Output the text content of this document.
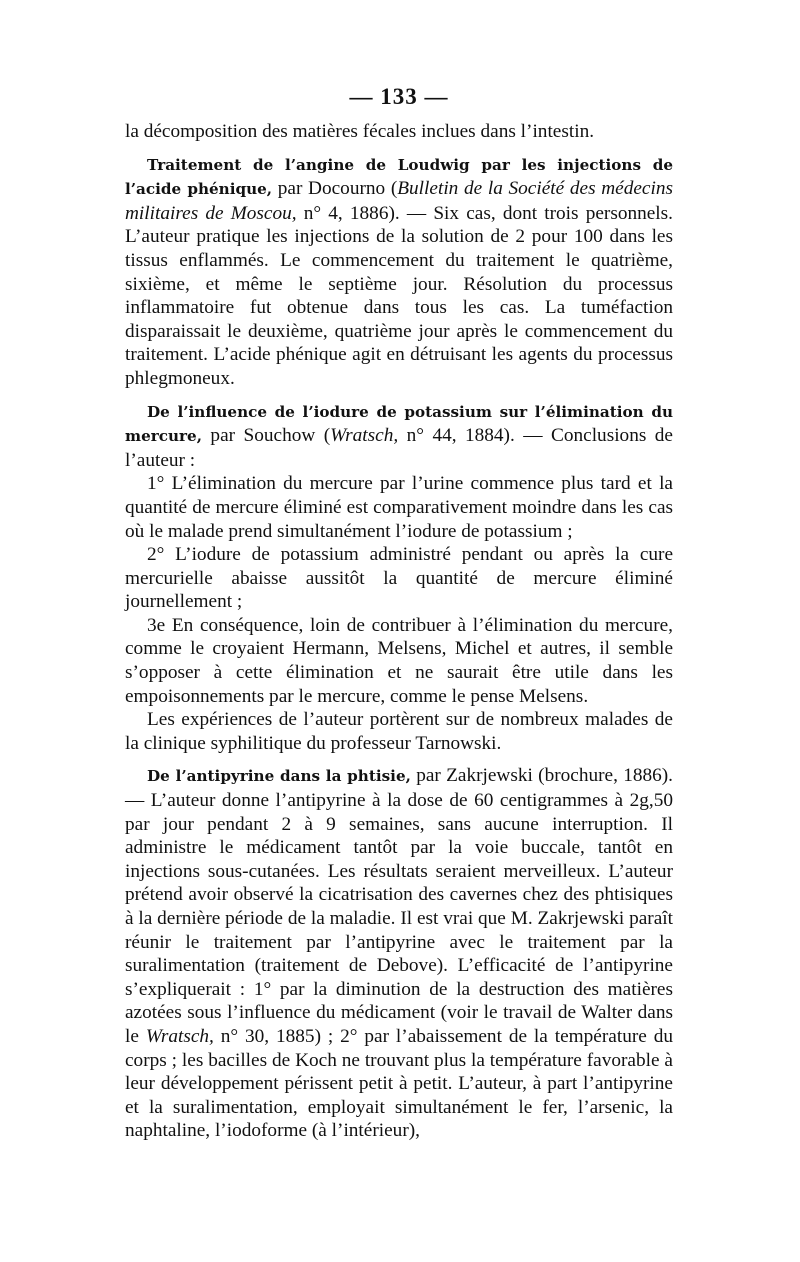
— 133 —

la décomposition des matières fécales inclues dans l’intestin.

Traitement de l’angine de Loudwig par les injections de l’acide phénique, par Docourno (Bulletin de la Société des médecins militaires de Moscou, n° 4, 1886). — Six cas, dont trois personnels. L’auteur pratique les injections de la solution de 2 pour 100 dans les tissus enflammés. Le commencement du traitement le quatrième, sixième, et même le septième jour. Résolution du processus inflammatoire fut obtenue dans tous les cas. La tuméfaction disparaissait le deuxième, quatrième jour après le commencement du traitement. L’acide phénique agit en détruisant les agents du processus phlegmoneux.

De l’influence de l’iodure de potassium sur l’élimination du mercure, par Souchow (Wratsch, n° 44, 1884). — Conclusions de l’auteur :

1° L’élimination du mercure par l’urine commence plus tard et la quantité de mercure éliminé est comparativement moindre dans les cas où le malade prend simultanément l’iodure de potassium ;

2° L’iodure de potassium administré pendant ou après la cure mercurielle abaisse aussitôt la quantité de mercure éliminé journellement ;

3e En conséquence, loin de contribuer à l’élimination du mercure, comme le croyaient Hermann, Melsens, Michel et autres, il semble s’opposer à cette élimination et ne saurait être utile dans les empoisonnements par le mercure, comme le pense Melsens.

Les expériences de l’auteur portèrent sur de nombreux malades de la clinique syphilitique du professeur Tarnowski.

De l’antipyrine dans la phtisie, par Zakrjewski (brochure, 1886). — L’auteur donne l’antipyrine à la dose de 60 centigrammes à 2g,50 par jour pendant 2 à 9 semaines, sans aucune interruption. Il administre le médicament tantôt par la voie buccale, tantôt en injections sous-cutanées. Les résultats seraient merveilleux. L’auteur prétend avoir observé la cicatrisation des cavernes chez des phtisiques à la dernière période de la maladie. Il est vrai que M. Zakrjewski paraît réunir le traitement par l’antipyrine avec le traitement par la suralimentation (traitement de Debove). L’efficacité de l’antipyrine s’expliquerait : 1° par la diminution de la destruction des matières azotées sous l’influence du médicament (voir le travail de Walter dans le Wratsch, n° 30, 1885) ; 2° par l’abaissement de la température du corps ; les bacilles de Koch ne trouvant plus la température favorable à leur développement périssent petit à petit. L’auteur, à part l’antipyrine et la suralimentation, employait simultanément le fer, l’arsenic, la naphtaline, l’iodoforme (à l’intérieur),
